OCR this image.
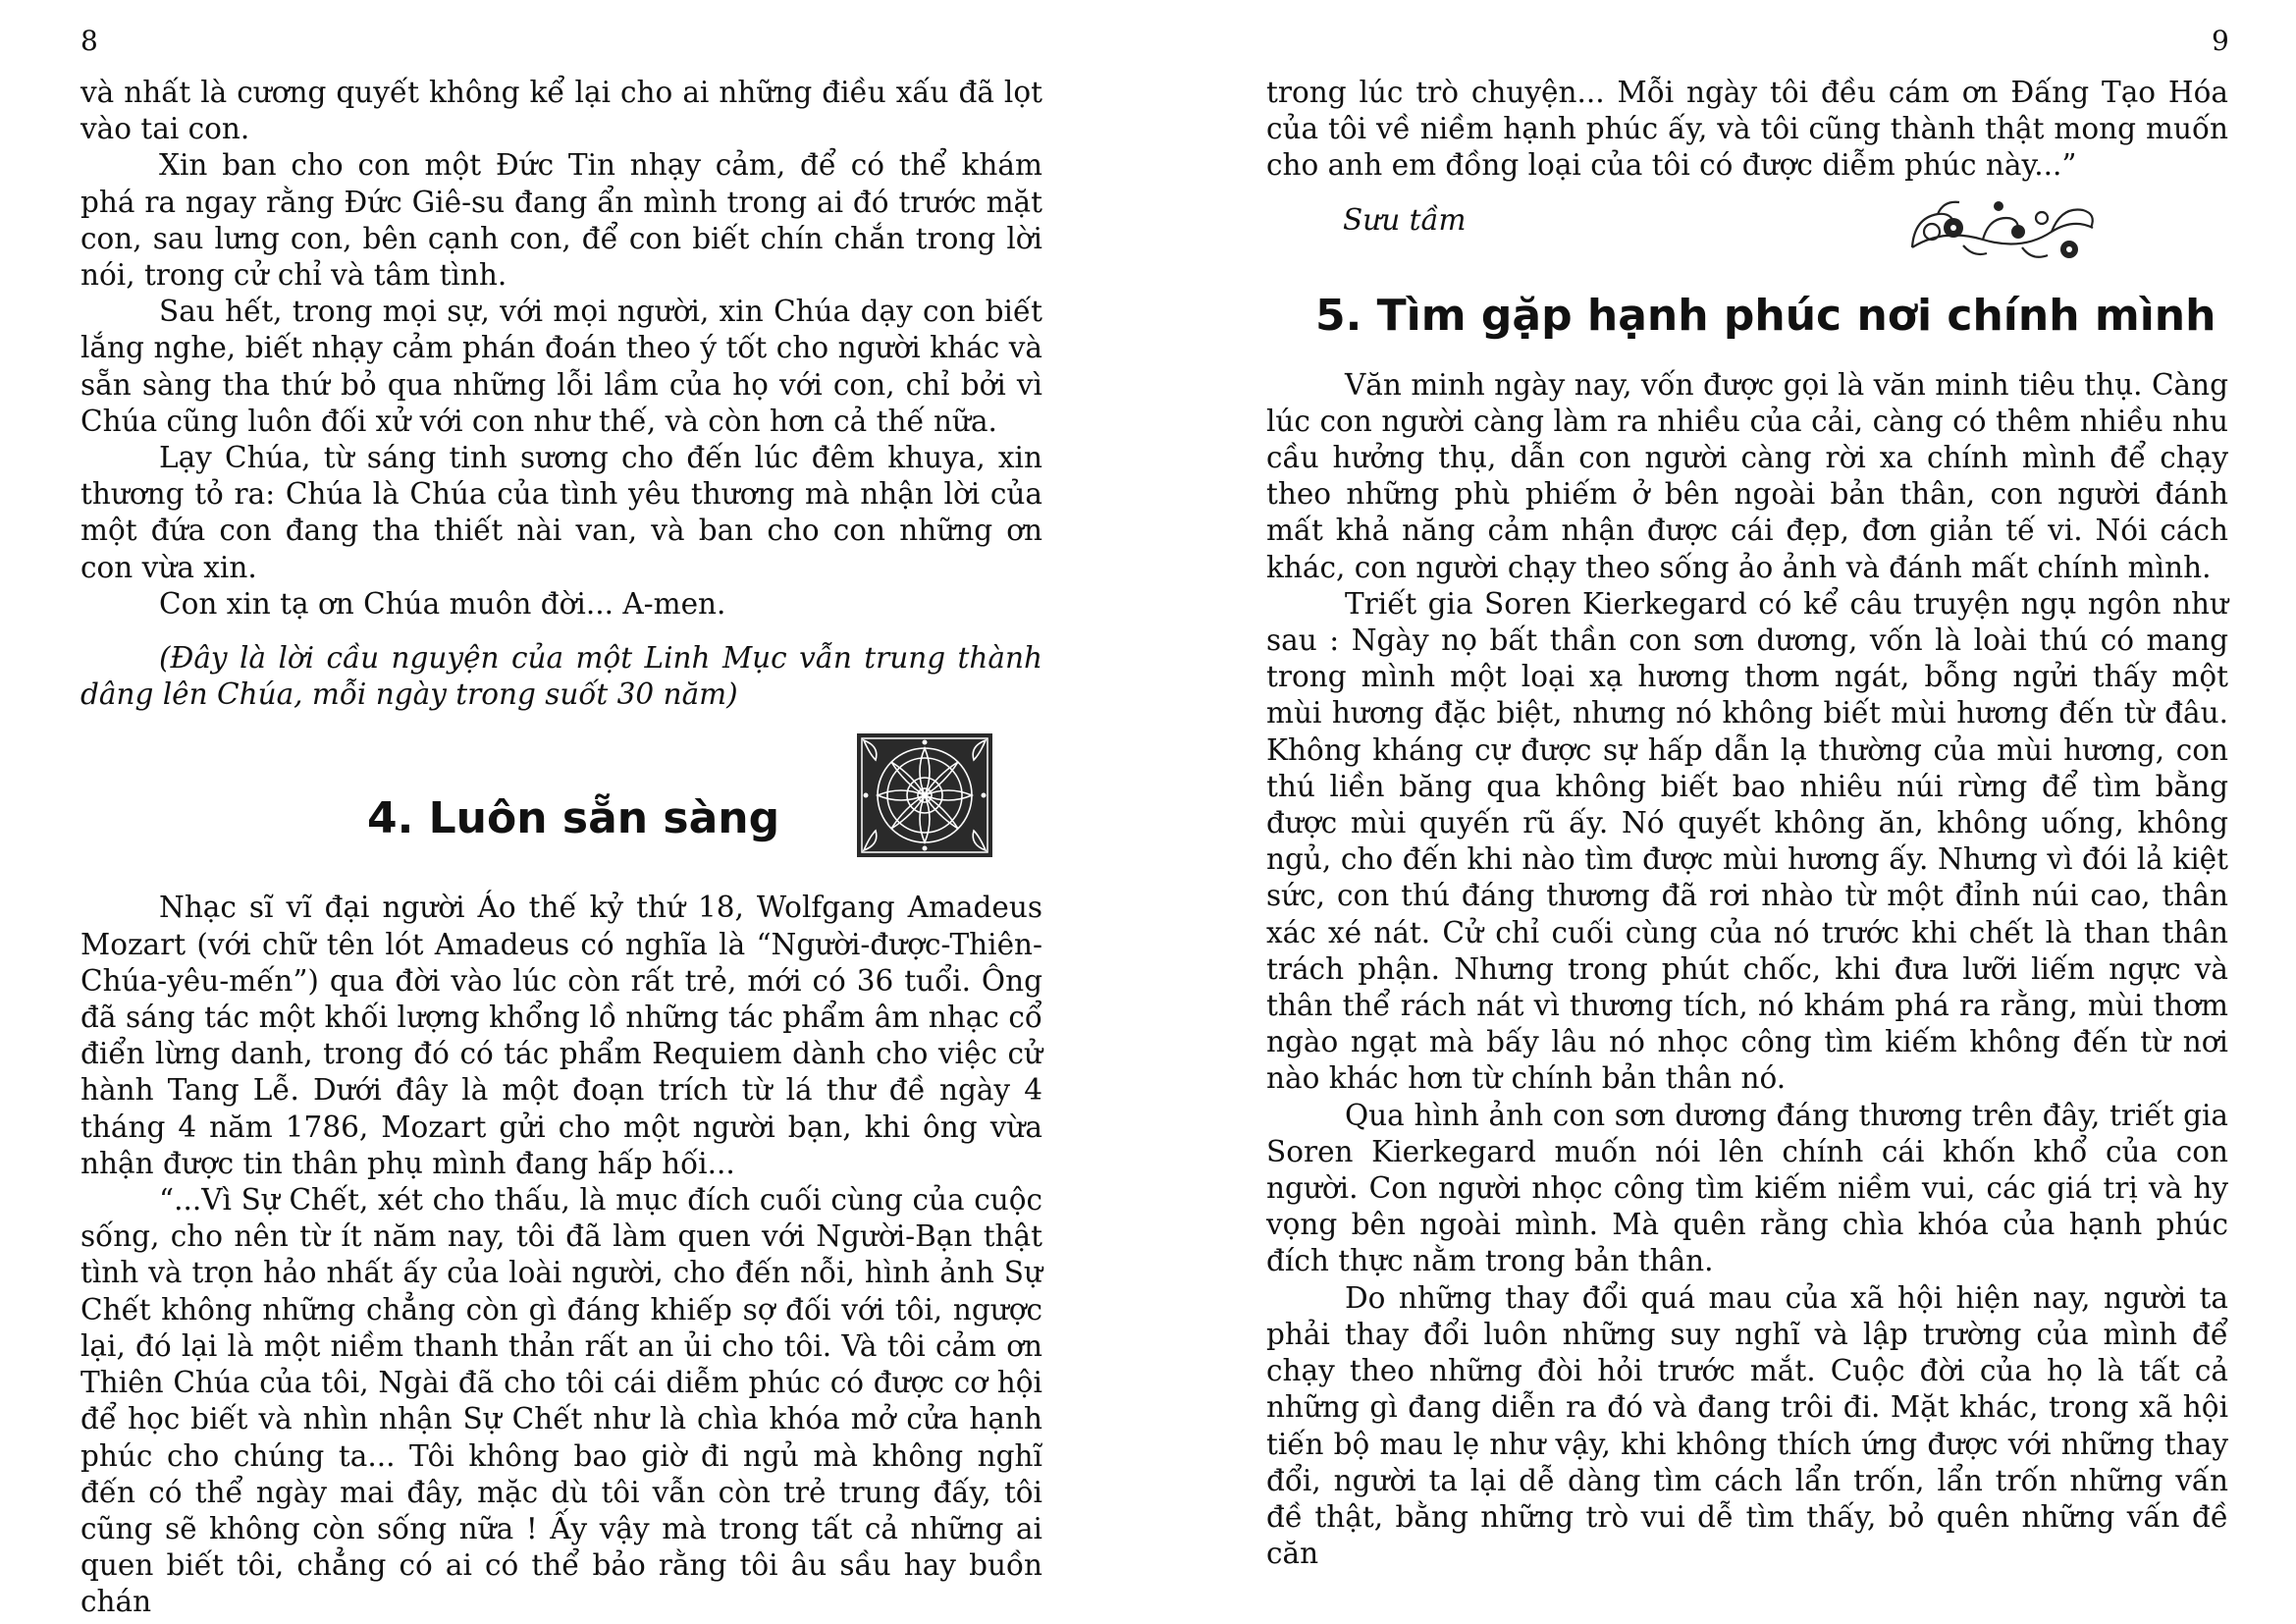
8	9

và nhất là cương quyết không kể lại cho ai những điều xấu đã lọt vào tai con.

Xin ban cho con một Đức Tin nhạy cảm, để có thể khám phá ra ngay rằng Đức Giê-su đang ẩn mình trong ai đó trước mặt con, sau lưng con, bên cạnh con, để con biết chín chắn trong lời nói, trong cử chỉ và tâm tình.

Sau hết, trong mọi sự, với mọi người, xin Chúa dạy con biết lắng nghe, biết nhạy cảm phán đoán theo ý tốt cho người khác và sẵn sàng tha thứ bỏ qua những lỗi lầm của họ với con, chỉ bởi vì Chúa cũng luôn đối xử với con như thế, và còn hơn cả thế nữa.

Lạy Chúa, từ sáng tinh sương cho đến lúc đêm khuya, xin thương tỏ ra: Chúa là Chúa của tình yêu thương mà nhận lời của một đứa con đang tha thiết nài van, và ban cho con những ơn con vừa xin.

Con xin tạ ơn Chúa muôn đời... A-men.

(Đây là lời cầu nguyện của một Linh Mục vẫn trung thành dâng lên Chúa, mỗi ngày trong suốt 30 năm)

4. Luôn sẵn sàng

Nhạc sĩ vĩ đại người Áo thế kỷ thứ 18, Wolfgang Amadeus Mozart (với chữ tên lót Amadeus có nghĩa là “Người-được-Thiên-Chúa-yêu-mến”) qua đời vào lúc còn rất trẻ, mới có 36 tuổi. Ông đã sáng tác một khối lượng khổng lồ những tác phẩm âm nhạc cổ điển lừng danh, trong đó có tác phẩm Requiem dành cho việc cử hành Tang Lễ. Dưới đây là một đoạn trích từ lá thư đề ngày 4 tháng 4 năm 1786, Mozart gửi cho một người bạn, khi ông vừa nhận được tin thân phụ mình đang hấp hối...

“...Vì Sự Chết, xét cho thấu, là mục đích cuối cùng của cuộc sống, cho nên từ ít năm nay, tôi đã làm quen với Người-Bạn thật tình và trọn hảo nhất ấy của loài người, cho đến nỗi, hình ảnh Sự Chết không những chẳng còn gì đáng khiếp sợ đối với tôi, ngược lại, đó lại là một niềm thanh thản rất an ủi cho tôi. Và tôi cảm ơn Thiên Chúa của tôi, Ngài đã cho tôi cái diễm phúc có được cơ hội để học biết và nhìn nhận Sự Chết như là chìa khóa mở cửa hạnh phúc cho chúng ta... Tôi không bao giờ đi ngủ mà không nghĩ đến có thể ngày mai đây, mặc dù tôi vẫn còn trẻ trung đấy, tôi cũng sẽ không còn sống nữa ! Ấy vậy mà trong tất cả những ai quen biết tôi, chẳng có ai có thể bảo rằng tôi âu sầu hay buồn chán

trong lúc trò chuyện... Mỗi ngày tôi đều cám ơn Đấng Tạo Hóa của tôi về niềm hạnh phúc ấy, và tôi cũng thành thật mong muốn cho anh em đồng loại của tôi có được diễm phúc này...”

Sưu tầm

5. Tìm gặp hạnh phúc nơi chính mình

Văn minh ngày nay, vốn được gọi là văn minh tiêu thụ. Càng lúc con người càng làm ra nhiều của cải, càng có thêm nhiều nhu cầu hưởng thụ, dẫn con người càng rời xa chính mình để chạy theo những phù phiếm ở bên ngoài bản thân, con người đánh mất khả năng cảm nhận được cái đẹp, đơn giản tế vi. Nói cách khác, con người chạy theo sống ảo ảnh và đánh mất chính mình.

Triết gia Soren Kierkegard có kể câu truyện ngụ ngôn như sau : Ngày nọ bất thần con sơn dương, vốn là loài thú có mang trong mình một loại xạ hương thơm ngát, bỗng ngửi thấy một mùi hương đặc biệt, nhưng nó không biết mùi hương đến từ đâu. Không kháng cự được sự hấp dẫn lạ thường của mùi hương, con thú liền băng qua không biết bao nhiêu núi rừng để tìm bằng được mùi quyến rũ ấy. Nó quyết không ăn, không uống, không ngủ, cho đến khi nào tìm được mùi hương ấy. Nhưng vì đói lả kiệt sức, con thú đáng thương đã rơi nhào từ một đỉnh núi cao, thân xác xé nát. Cử chỉ cuối cùng của nó trước khi chết là than thân trách phận. Nhưng trong phút chốc, khi đưa lưỡi liếm ngực và thân thể rách nát vì thương tích, nó khám phá ra rằng, mùi thơm ngào ngạt mà bấy lâu nó nhọc công tìm kiếm không đến từ nơi nào khác hơn từ chính bản thân nó.

Qua hình ảnh con sơn dương đáng thương trên đây, triết gia Soren Kierkegard muốn nói lên chính cái khốn khổ của con người. Con người nhọc công tìm kiếm niềm vui, các giá trị và hy vọng bên ngoài mình. Mà quên rằng chìa khóa của hạnh phúc đích thực nằm trong bản thân.

Do những thay đổi quá mau của xã hội hiện nay, người ta phải thay đổi luôn những suy nghĩ và lập trường của mình để chạy theo những đòi hỏi trước mắt. Cuộc đời của họ là tất cả những gì đang diễn ra đó và đang trôi đi. Mặt khác, trong xã hội tiến bộ mau lẹ như vậy, khi không thích ứng được với những thay đổi, người ta lại dễ dàng tìm cách lẩn trốn, lẩn trốn những vấn đề thật, bằng những trò vui dễ tìm thấy, bỏ quên những vấn đề căn
